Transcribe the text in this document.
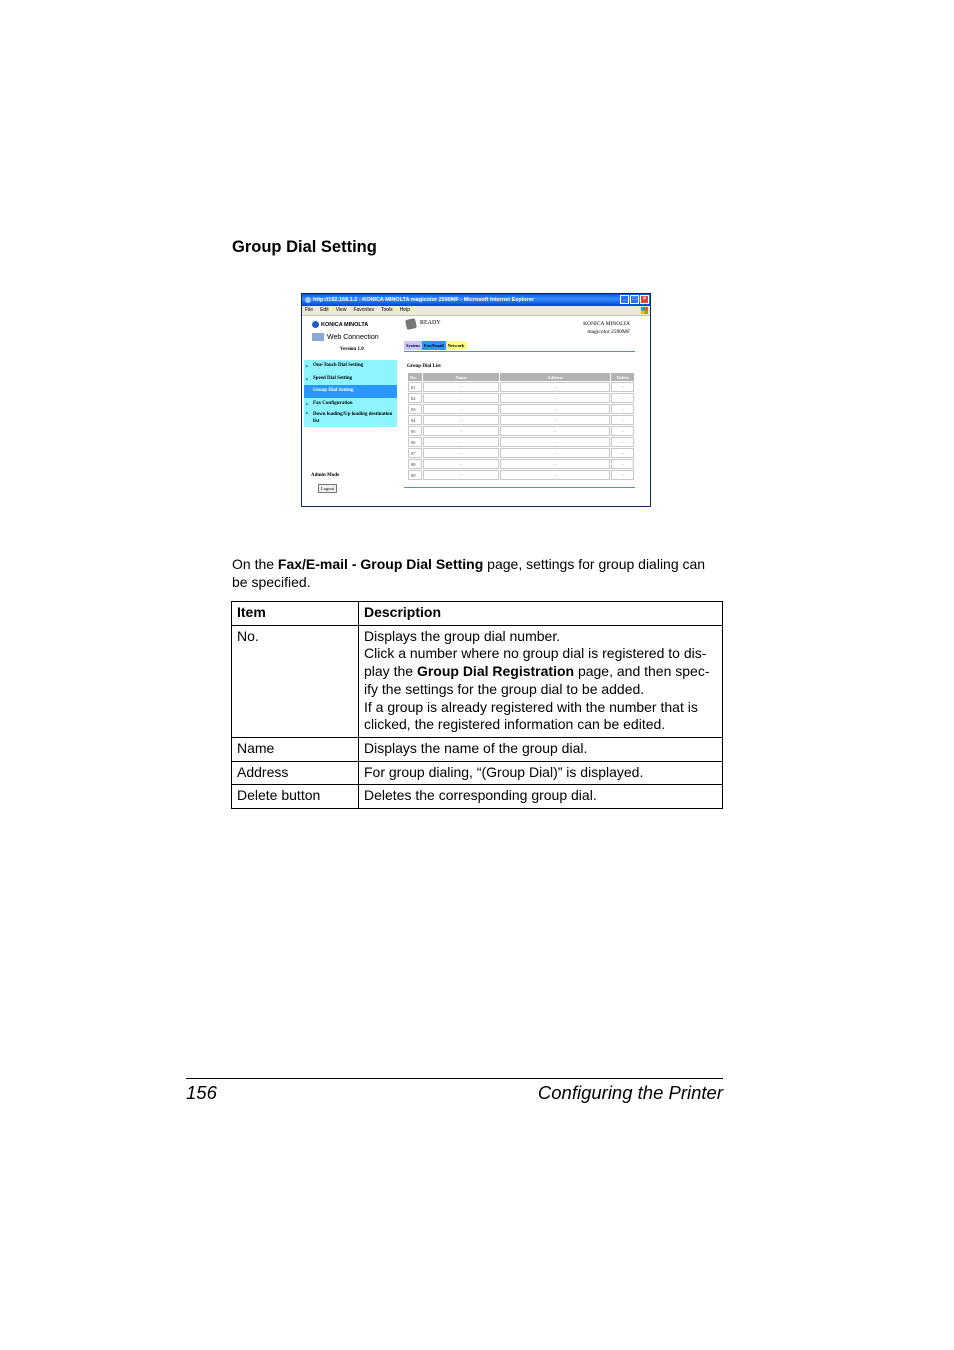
Group Dial Setting
http://192.168.1.2 - KONICA MINOLTA magicolor 2590MF - Microsoft Internet Explorer	_	□	×
File Edit View Favorites Tools Help
KONICA MINOLTA
Web Connection
Version 1.0
▶ One-Touch Dial Setting
▶ Speed Dial Setting
▶ Group Dial Setting
▶ Fax Configuration
▶ Down loading/Up loading destination list
Admin Mode
Logout
READY	KONICA MINOLTA
magicolor 2590MF
System Fax/Email Network
Group Dial List
No.	Name	Address	Delete
01	-	-	-
02	-	-	-
03	-	-	-
04	-	-	-
05	-	-	-
06	-	-	-
07	-	-	-
08	-	-	-
09	-	-	-
On the Fax/E-mail - Group Dial Setting page, settings for group dialing can be specified.
Item	Description
No.	Displays the group dial number.
Click a number where no group dial is registered to dis-play the Group Dial Registration page, and then spec-ify the settings for the group dial to be added.
If a group is already registered with the number that is clicked, the registered information can be edited.
Name	Displays the name of the group dial.
Address	For group dialing, “(Group Dial)” is displayed.
Delete button	Deletes the corresponding group dial.
156	Configuring the Printer
